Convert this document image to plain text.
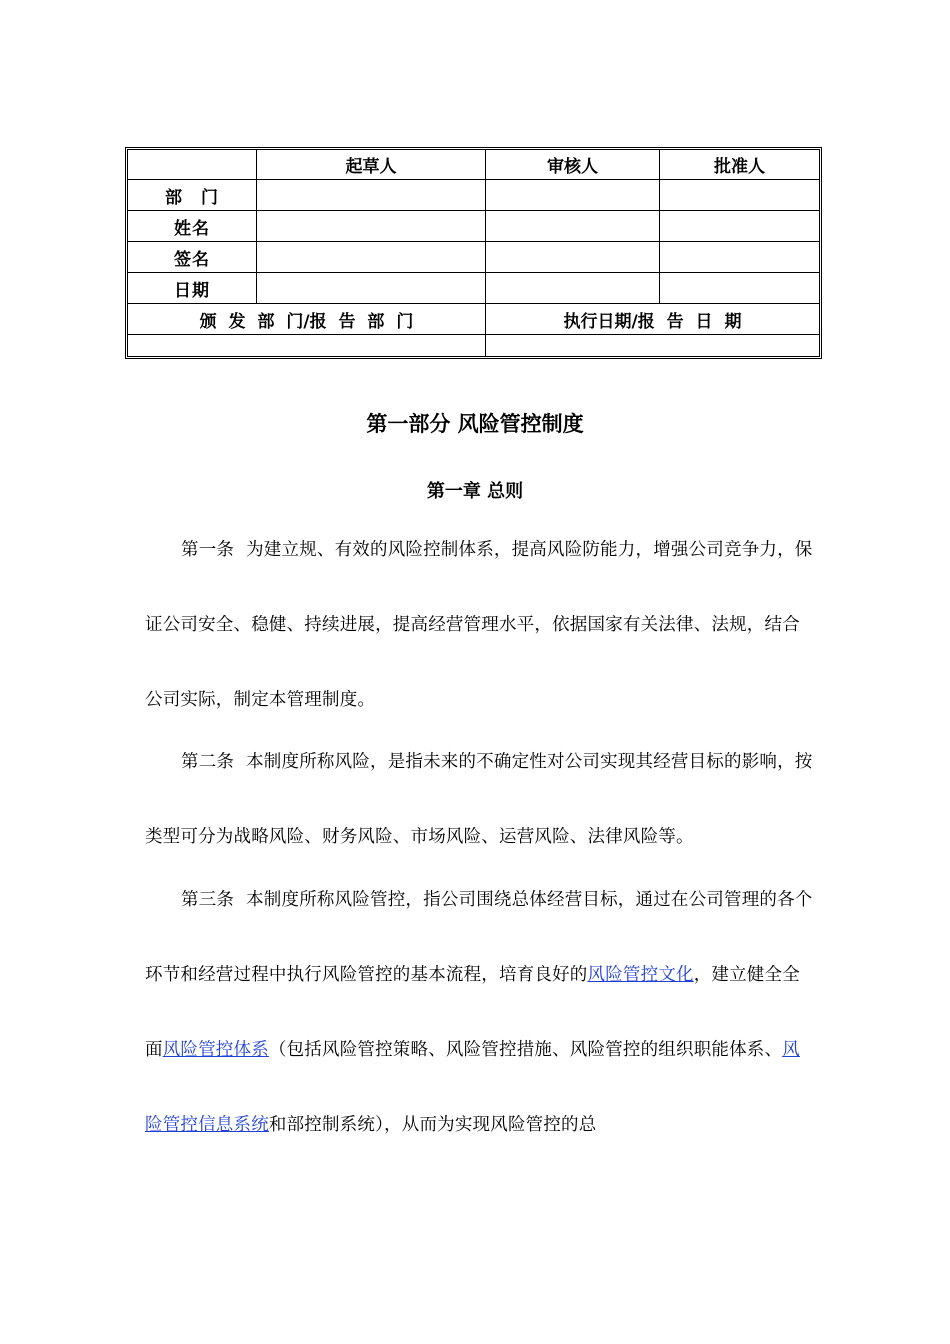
	起草人	审核人	批准人
部　门			
姓名			
签名			
日期			
颁 发 部 门/报 告 部 门		执行日期/报 告 日 期	

第一部分 风险管控制度
第一章 总则

第一条 为建立规、有效的风险控制体系，提高风险防能力，增强公司竞争力，保证公司安全、稳健、持续进展，提高经营管理水平，依据国家有关法律、法规，结合公司实际，制定本管理制度。

第二条 本制度所称风险，是指未来的不确定性对公司实现其经营目标的影响，按类型可分为战略风险、财务风险、市场风险、运营风险、法律风险等。

第三条 本制度所称风险管控，指公司围绕总体经营目标，通过在公司管理的各个环节和经营过程中执行风险管控的基本流程，培育良好的风险管控文化，建立健全全面风险管控体系（包括风险管控策略、风险管控措施、风险管控的组织职能体系、风险管控信息系统和部控制系统），从而为实现风险管控的总
